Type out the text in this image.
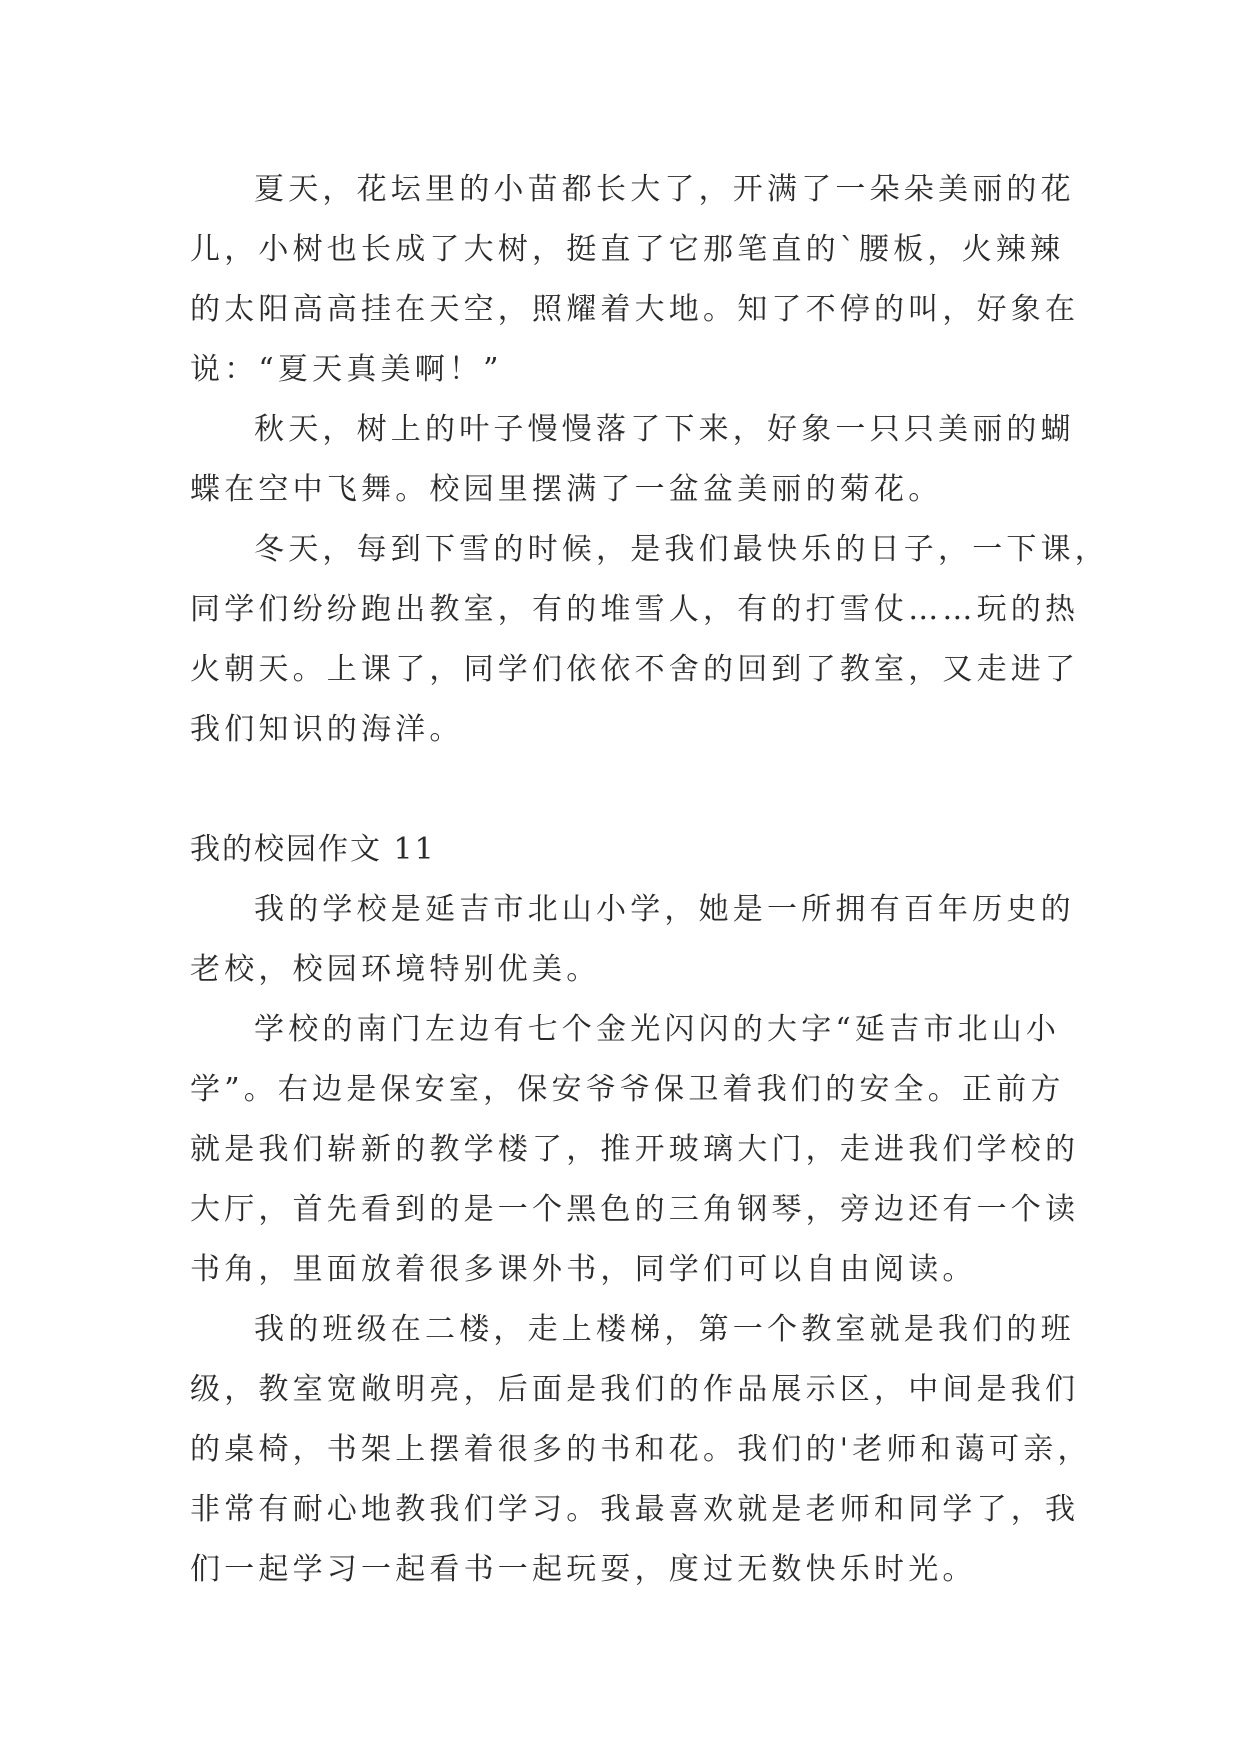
夏天，花坛里的小苗都长大了，开满了一朵朵美丽的花
儿，小树也长成了大树，挺直了它那笔直的`腰板，火辣辣
的太阳高高挂在天空，照耀着大地。知了不停的叫，好象在
说：“夏天真美啊！”
秋天，树上的叶子慢慢落了下来，好象一只只美丽的蝴
蝶在空中飞舞。校园里摆满了一盆盆美丽的菊花。
冬天，每到下雪的时候，是我们最快乐的日子，一下课，
同学们纷纷跑出教室，有的堆雪人，有的打雪仗……玩的热
火朝天。上课了，同学们依依不舍的回到了教室，又走进了
我们知识的海洋。
我的校园作文 11
我的学校是延吉市北山小学，她是一所拥有百年历史的
老校，校园环境特别优美。
学校的南门左边有七个金光闪闪的大字“延吉市北山小
学”。右边是保安室，保安爷爷保卫着我们的安全。正前方
就是我们崭新的教学楼了，推开玻璃大门，走进我们学校的
大厅，首先看到的是一个黑色的三角钢琴，旁边还有一个读
书角，里面放着很多课外书，同学们可以自由阅读。
我的班级在二楼，走上楼梯，第一个教室就是我们的班
级，教室宽敞明亮，后面是我们的作品展示区，中间是我们
的桌椅，书架上摆着很多的书和花。我们的'老师和蔼可亲，
非常有耐心地教我们学习。我最喜欢就是老师和同学了，我
们一起学习一起看书一起玩耍，度过无数快乐时光。
